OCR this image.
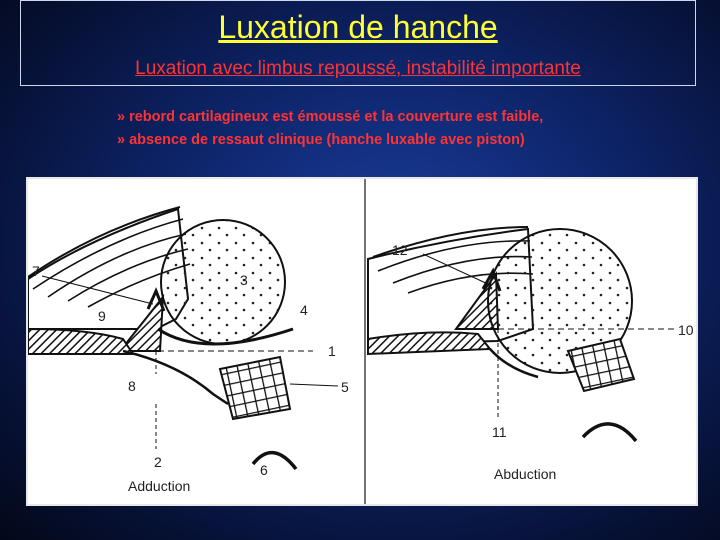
Luxation de hanche
Luxation avec limbus repoussé, instabilité importante
» rebord cartilagineux est émoussé et la couverture est faible,
» absence de ressaut clinique (hanche luxable avec piston)
1
2
3
4
5
6
7
8
9
Adduction
10
11
12
Abduction
